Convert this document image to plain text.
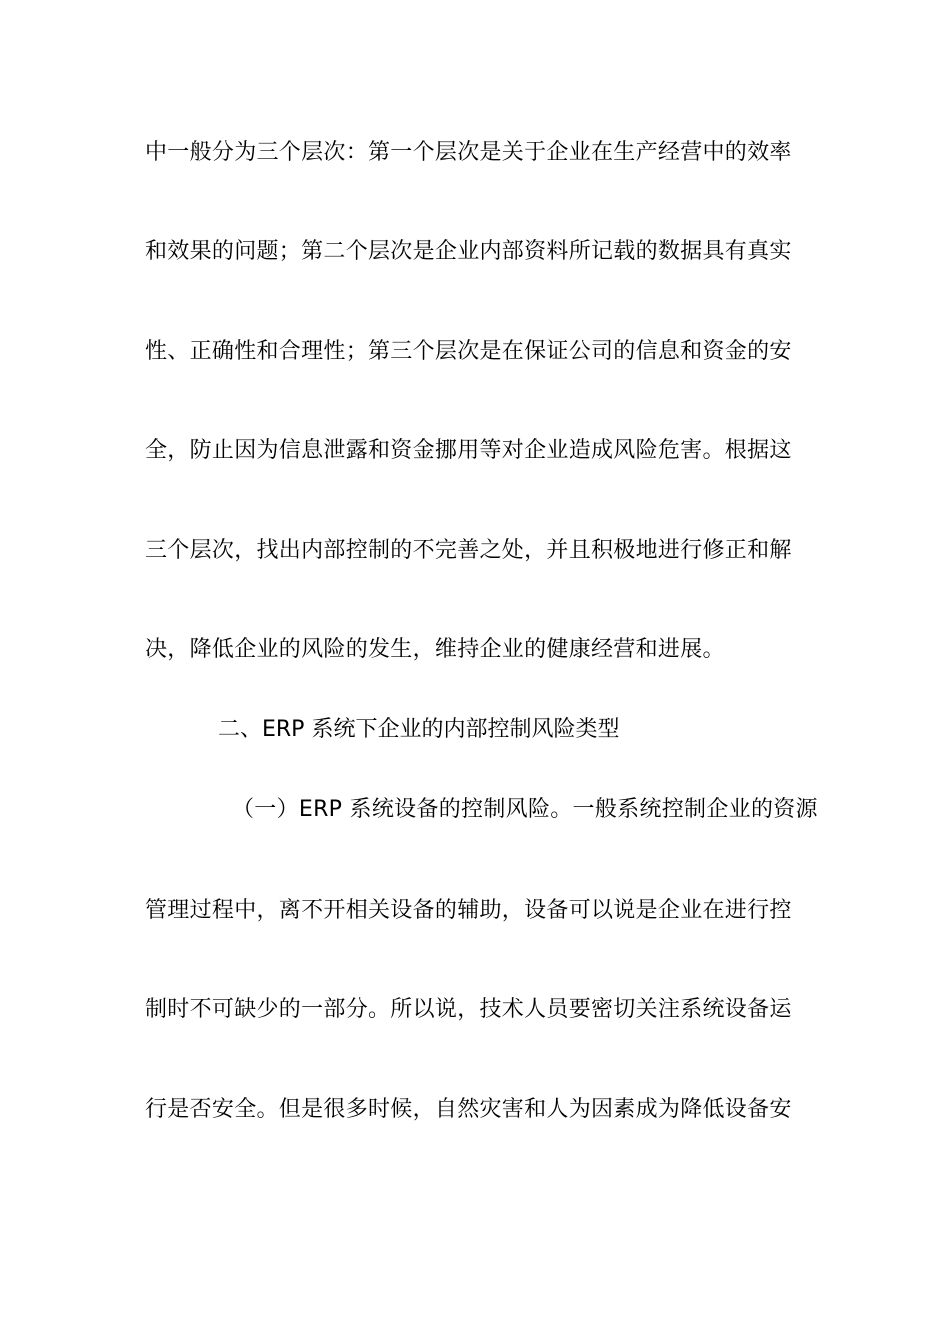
中一般分为三个层次：第一个层次是关于企业在生产经营中的效率
和效果的问题；第二个层次是企业内部资料所记载的数据具有真实
性、正确性和合理性；第三个层次是在保证公司的信息和资金的安
全，防止因为信息泄露和资金挪用等对企业造成风险危害。根据这
三个层次，找出内部控制的不完善之处，并且积极地进行修正和解
决，降低企业的风险的发生，维持企业的健康经营和进展。
二、ERP 系统下企业的内部控制风险类型
（一）ERP 系统设备的控制风险。一般系统控制企业的资源
管理过程中，离不开相关设备的辅助，设备可以说是企业在进行控
制时不可缺少的一部分。所以说，技术人员要密切关注系统设备运
行是否安全。但是很多时候，自然灾害和人为因素成为降低设备安
